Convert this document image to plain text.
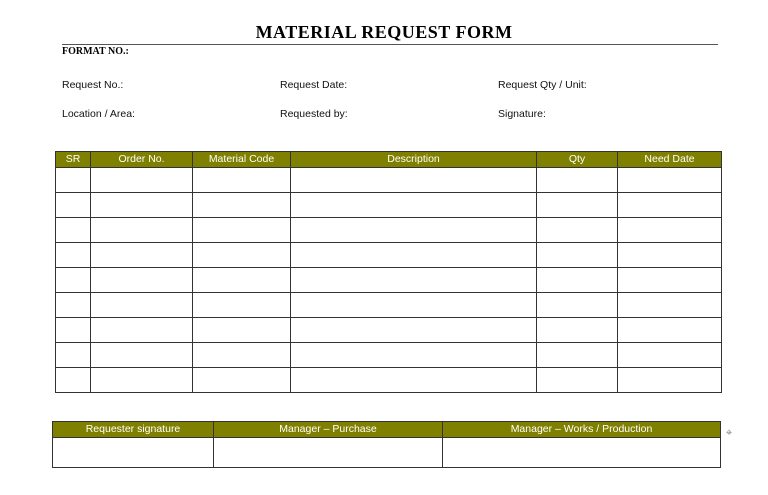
MATERIAL REQUEST FORM
FORMAT NO.:
Request No.:	Request Date:	Request Qty / Unit:
Location / Area:	Requested by:	Signature:
SR	Order No.	Material Code	Description	Qty	Need Date

Requester signature	Manager – Purchase	Manager – Works / Production
			⌖
